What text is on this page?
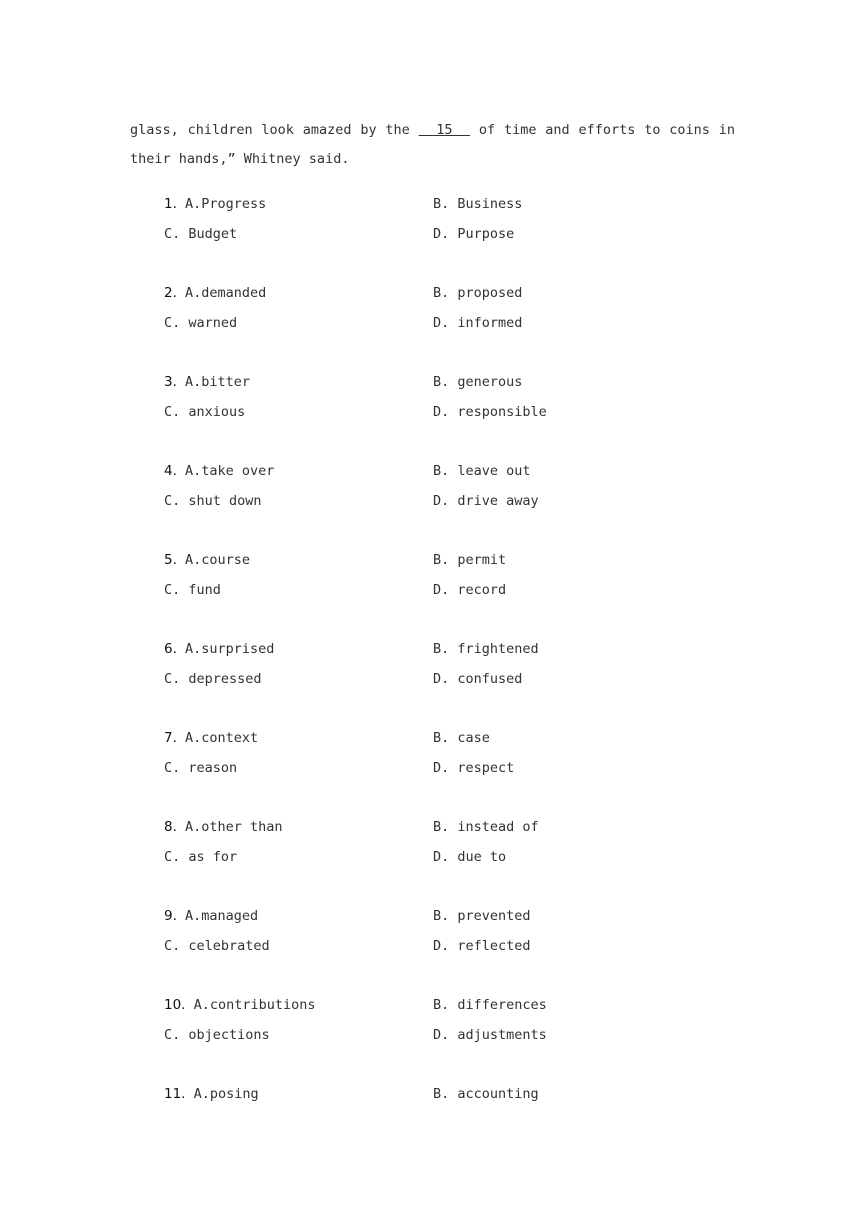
glass, children look amazed by the   15   of time and efforts to coins in their hands,” Whitney said.

1. A.Progress	B. Business
C. Budget	D. Purpose
2. A.demanded	B. proposed
C. warned	D. informed
3. A.bitter	B. generous
C. anxious	D. responsible
4. A.take over	B. leave out
C. shut down	D. drive away
5. A.course	B. permit
C. fund	D. record
6. A.surprised	B. frightened
C. depressed	D. confused
7. A.context	B. case
C. reason	D. respect
8. A.other than	B. instead of
C. as for	D. due to
9. A.managed	B. prevented
C. celebrated	D. reflected
10. A.contributions	B. differences
C. objections	D. adjustments
11. A.posing	B. accounting
